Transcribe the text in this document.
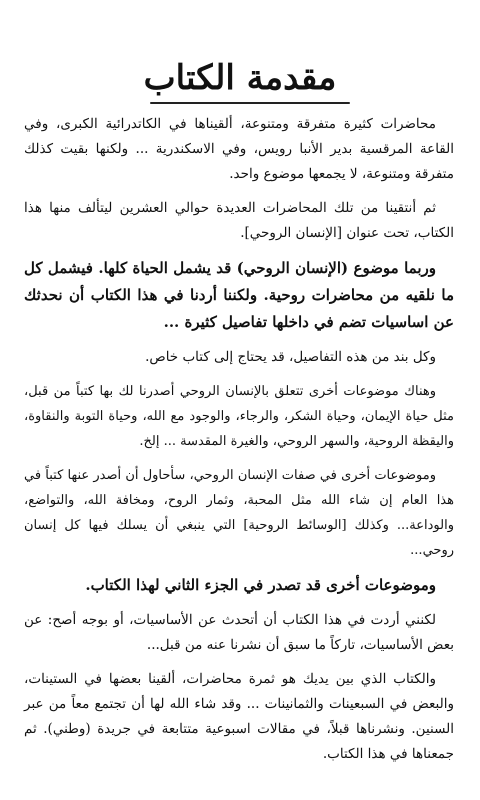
مقدمة الكتاب

محاضرات كثيرة متفرقة ومتنوعة، ألقيناها في الكاتدرائية الكبرى، وفي القاعة المرقسية بدير الأنبا رويس، وفي الاسكندرية ... ولكنها بقيت كذلك متفرقة ومتنوعة، لا يجمعها موضوع واحد.

ثم أنتقينا من تلك المحاضرات العديدة حوالي العشرين ليتألف منها هذا الكتاب، تحت عنوان [الإنسان الروحي].

وربما موضوع (الإنسان الروحي) قد يشمل الحياة كلها. فيشمل كل ما نلقيه من محاضرات روحية. ولكننا أردنا في هذا الكتاب أن نحدثك عن اساسيات تضم في داخلها تفاصيل كثيرة ...

وكل بند من هذه التفاصيل، قد يحتاج إلى كتاب خاص.

وهناك موضوعات أخرى تتعلق بالإنسان الروحي أصدرنا لك بها كتباً من قبل، مثل حياة الإيمان، وحياة الشكر، والرجاء، والوجود مع الله، وحياة التوبة والنقاوة، واليقظة الروحية، والسهر الروحي، والغيرة المقدسة ... إلخ.

وموضوعات أخرى في صفات الإنسان الروحي، سأحاول أن أصدر عنها كتباً في هذا العام إن شاء الله مثل المحبة، وثمار الروح، ومخافة الله، والتواضع، والوداعة... وكذلك [الوسائط الروحية] التي ينبغي أن يسلك فيها كل إنسان روحي...

وموضوعات أخرى قد تصدر في الجزء الثاني لهذا الكتاب.

لكنني أردت في هذا الكتاب أن أتحدث عن الأساسيات، أو بوجه أصح: عن بعض الأساسيات، تاركاً ما سبق أن نشرنا عنه من قبل...

والكتاب الذي بين يديك هو ثمرة محاضرات، ألقينا بعضها في الستينات، والبعض في السبعينات والثمانينات ... وقد شاء الله لها أن تجتمع معاً من عبر السنين. ونشرناها قبلاً، في مقالات اسبوعية متتابعة في جريدة (وطني). ثم جمعناها في هذا الكتاب.
